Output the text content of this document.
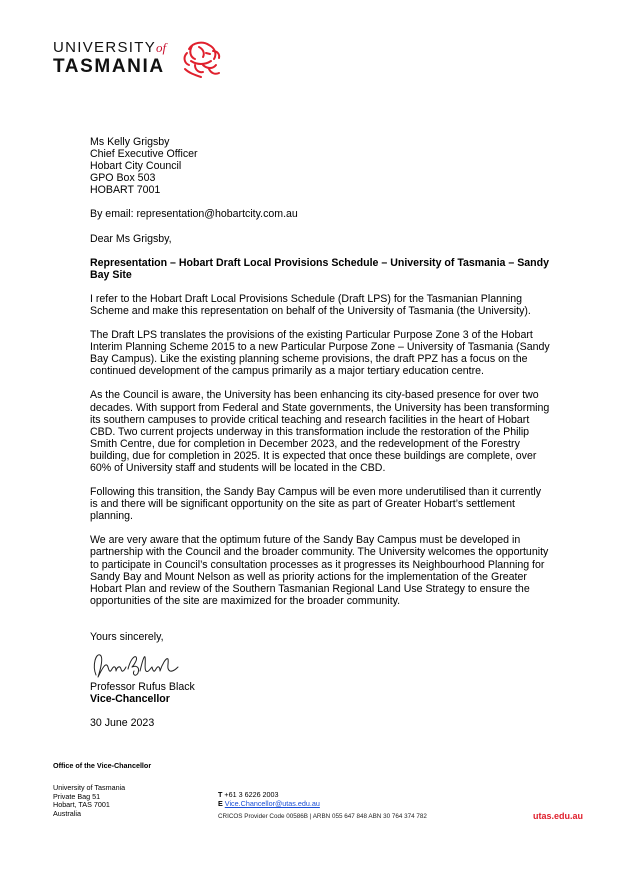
UNIVERSITYof
TASMANIA
Ms Kelly Grigsby
Chief Executive Officer
Hobart City Council
GPO Box 503
HOBART 7001

By email: representation@hobartcity.com.au

Dear Ms Grigsby,

Representation – Hobart Draft Local Provisions Schedule – University of Tasmania – Sandy Bay Site

I refer to the Hobart Draft Local Provisions Schedule (Draft LPS) for the Tasmanian Planning Scheme and make this representation on behalf of the University of Tasmania (the University).

The Draft LPS translates the provisions of the existing Particular Purpose Zone 3 of the Hobart Interim Planning Scheme 2015 to a new Particular Purpose Zone – University of Tasmania (Sandy Bay Campus). Like the existing planning scheme provisions, the draft PPZ has a focus on the continued development of the campus primarily as a major tertiary education centre.

As the Council is aware, the University has been enhancing its city-based presence for over two decades. With support from Federal and State governments, the University has been transforming its southern campuses to provide critical teaching and research facilities in the heart of Hobart CBD. Two current projects underway in this transformation include the restoration of the Philip Smith Centre, due for completion in December 2023, and the redevelopment of the Forestry building, due for completion in 2025. It is expected that once these buildings are complete, over 60% of University staff and students will be located in the CBD.

Following this transition, the Sandy Bay Campus will be even more underutilised than it currently is and there will be significant opportunity on the site as part of Greater Hobart’s settlement planning.

We are very aware that the optimum future of the Sandy Bay Campus must be developed in partnership with the Council and the broader community. The University welcomes the opportunity to participate in Council’s consultation processes as it progresses its Neighbourhood Planning for Sandy Bay and Mount Nelson as well as priority actions for the implementation of the Greater Hobart Plan and review of the Southern Tasmanian Regional Land Use Strategy to ensure the opportunities of the site are maximized for the broader community.

Yours sincerely,
Professor Rufus Black
Vice-Chancellor
30 June 2023
Office of the Vice-Chancellor
University of Tasmania
Private Bag 51
Hobart, TAS 7001
Australia
T +61 3 6226 2003
E Vice.Chancellor@utas.edu.au
CRICOS Provider Code 00586B | ARBN 055 647 848 ABN 30 764 374 782	utas.edu.au
